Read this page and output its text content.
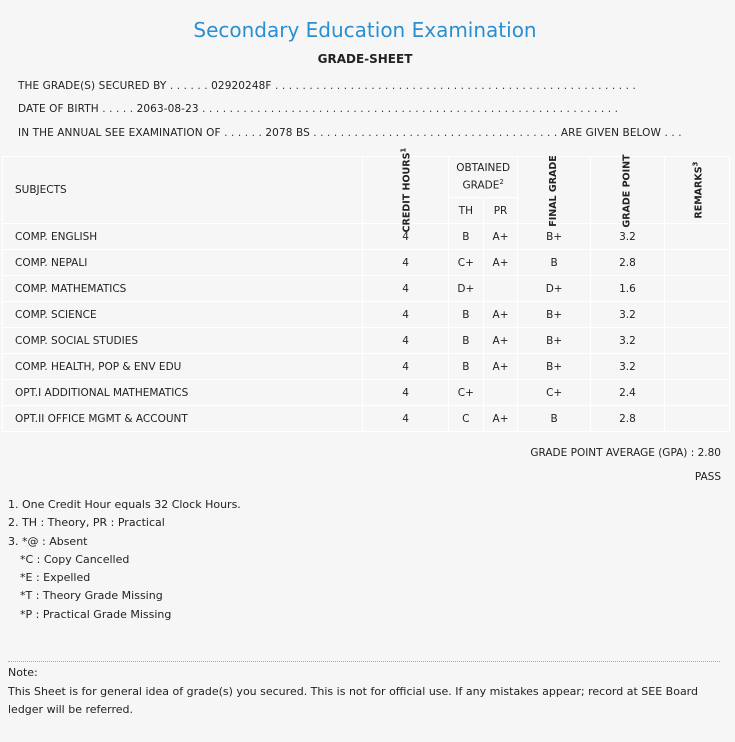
Secondary Education Examination
GRADE-SHEET
THE GRADE(S) SECURED BY . . . . . . 02920248F . . . . . . . . . . . . . . . . . . . . . . . . . . . . . . . . . . . . . . . . . . . . . . . . . . . . .
DATE OF BIRTH . . . . . 2063-08-23 . . . . . . . . . . . . . . . . . . . . . . . . . . . . . . . . . . . . . . . . . . . . . . . . . . . . . . . . . . . . .
IN THE ANNUAL SEE EXAMINATION OF . . . . . . 2078 BS . . . . . . . . . . . . . . . . . . . . . . . . . . . . . . . . . . . . ARE GIVEN BELOW . . .
SUBJECTS	CREDIT HOURS$^1$	OBTAINED GRADE$^2$		FINAL GRADE	GRADE POINT	REMARKS$^3$
		TH	PR			
COMP. ENGLISH	4	B	A+	B+	3.2	
COMP. NEPALI	4	C+	A+	B	2.8	
COMP. MATHEMATICS	4	D+		D+	1.6	
COMP. SCIENCE	4	B	A+	B+	3.2	
COMP. SOCIAL STUDIES	4	B	A+	B+	3.2	
COMP. HEALTH, POP & ENV EDU	4	B	A+	B+	3.2	
OPT.I ADDITIONAL MATHEMATICS	4	C+		C+	2.4	
OPT.II OFFICE MGMT & ACCOUNT	4	C	A+	B	2.8	
GRADE POINT AVERAGE (GPA) : 2.80
PASS
1. One Credit Hour equals 32 Clock Hours.
2. TH : Theory, PR : Practical
3. *@ : Absent
*C : Copy Cancelled
*E : Expelled
*T : Theory Grade Missing
*P : Practical Grade Missing
Note:
This Sheet is for general idea of grade(s) you secured. This is not for official use. If any mistakes appear; record at SEE Board ledger will be referred.
